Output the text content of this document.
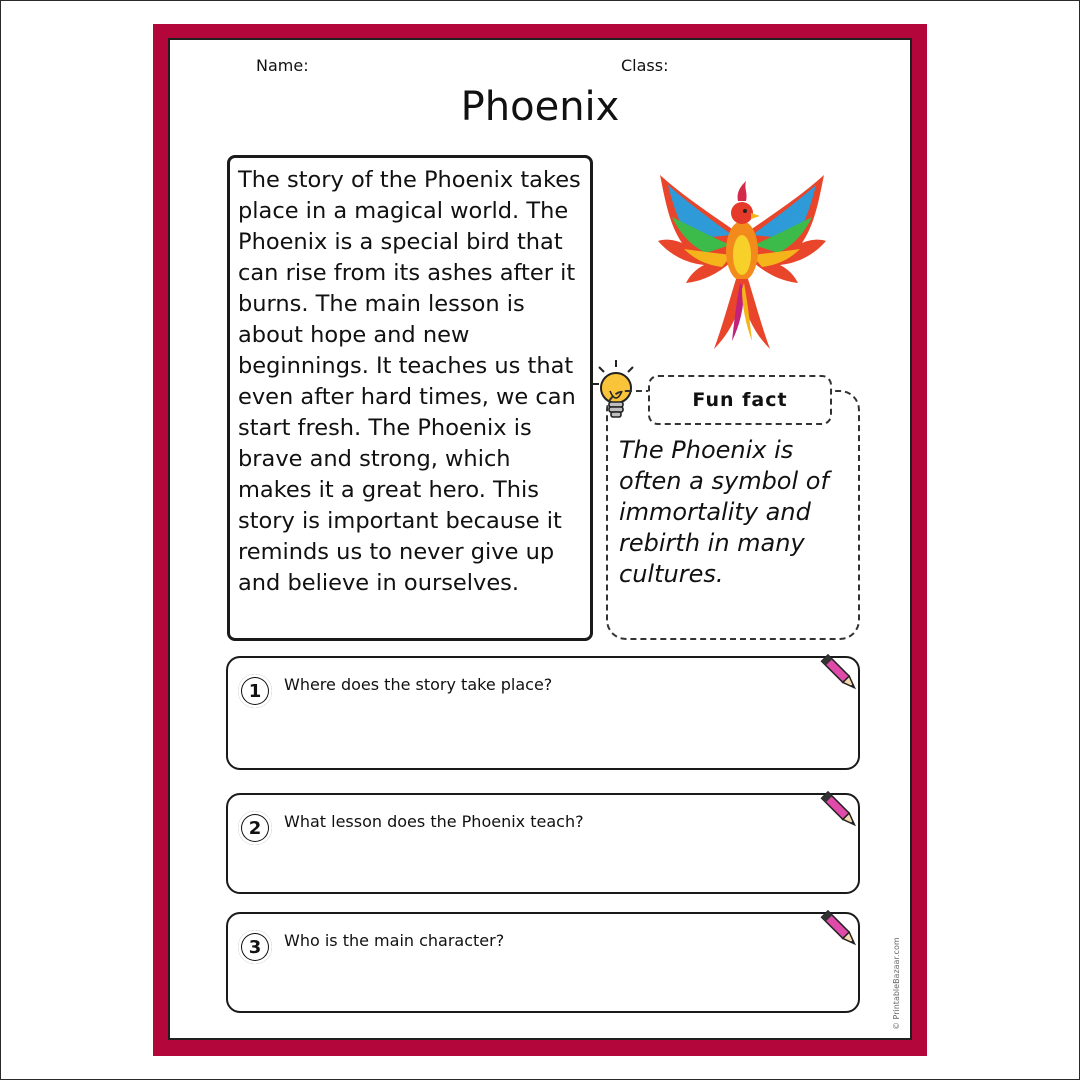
Name:	Class:
Phoenix

The story of the Phoenix takes place in a magical world. The Phoenix is a special bird that can rise from its ashes after it burns. The main lesson is about hope and new beginnings. It teaches us that even after hard times, we can start fresh. The Phoenix is brave and strong, which makes it a great hero. This story is important because it reminds us to never give up and believe in ourselves.

Fun fact
The Phoenix is often a symbol of immortality and rebirth in many cultures.
1	Where does the story take place?
2	What lesson does the Phoenix teach?
3	Who is the main character?	© PrintableBazaar.com
